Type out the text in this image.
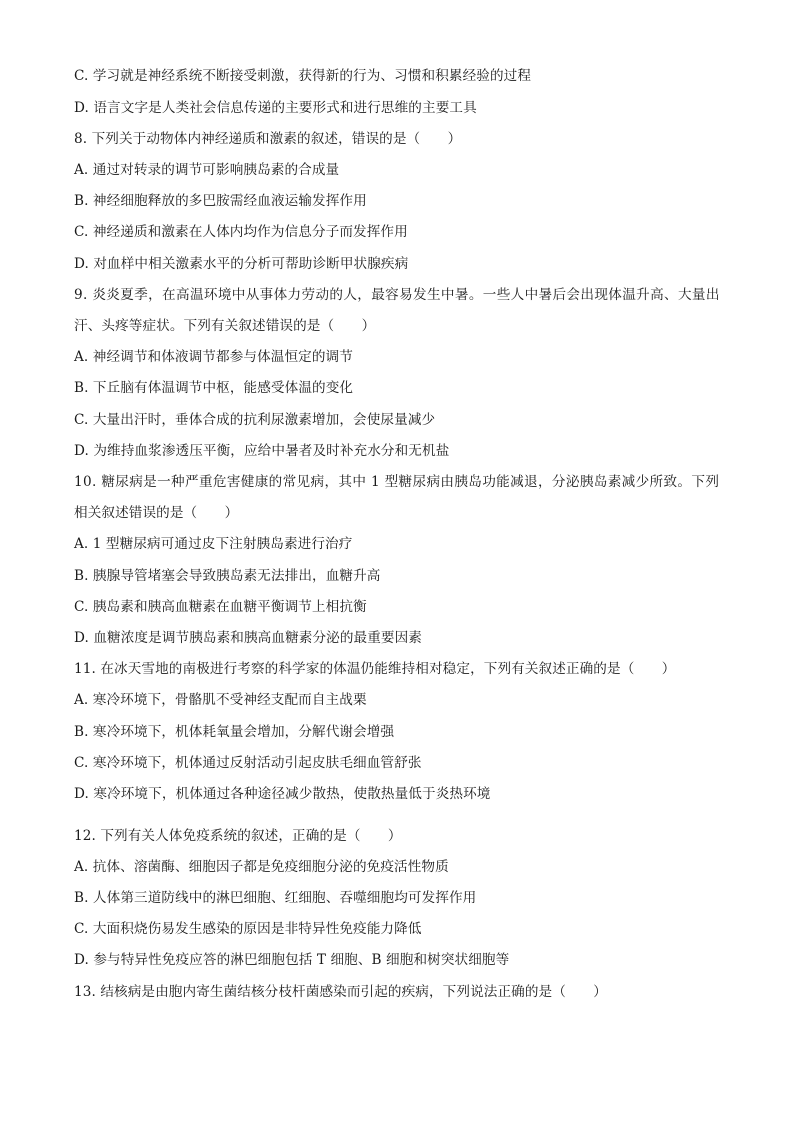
C. 学习就是神经系统不断接受刺激，获得新的行为、习惯和积累经验的过程
D. 语言文字是人类社会信息传递的主要形式和进行思维的主要工具
8. 下列关于动物体内神经递质和激素的叙述，错误的是（　　）
A. 通过对转录的调节可影响胰岛素的合成量
B. 神经细胞释放的多巴胺需经血液运输发挥作用
C. 神经递质和激素在人体内均作为信息分子而发挥作用
D. 对血样中相关激素水平的分析可帮助诊断甲状腺疾病
9. 炎炎夏季，在高温环境中从事体力劳动的人，最容易发生中暑。一些人中暑后会出现体温升高、大量出
汗、头疼等症状。下列有关叙述错误的是（　　）
A. 神经调节和体液调节都参与体温恒定的调节
B. 下丘脑有体温调节中枢，能感受体温的变化
C. 大量出汗时，垂体合成的抗利尿激素增加，会使尿量减少
D. 为维持血浆渗透压平衡，应给中暑者及时补充水分和无机盐
10. 糖尿病是一种严重危害健康的常见病，其中 1 型糖尿病由胰岛功能减退，分泌胰岛素减少所致。下列
相关叙述错误的是（　　）
A. 1 型糖尿病可通过皮下注射胰岛素进行治疗
B. 胰腺导管堵塞会导致胰岛素无法排出，血糖升高
C. 胰岛素和胰高血糖素在血糖平衡调节上相抗衡
D. 血糖浓度是调节胰岛素和胰高血糖素分泌的最重要因素
11. 在冰天雪地的南极进行考察的科学家的体温仍能维持相对稳定，下列有关叙述正确的是（　　）
A. 寒冷环境下，骨骼肌不受神经支配而自主战栗
B. 寒冷环境下，机体耗氧量会增加，分解代谢会增强
C. 寒冷环境下，机体通过反射活动引起皮肤毛细血管舒张
D. 寒冷环境下，机体通过各种途径减少散热，使散热量低于炎热环境
12. 下列有关人体免疫系统的叙述，正确的是（　　）
A. 抗体、溶菌酶、细胞因子都是免疫细胞分泌的免疫活性物质
B. 人体第三道防线中的淋巴细胞、红细胞、吞噬细胞均可发挥作用
C. 大面积烧伤易发生感染的原因是非特异性免疫能力降低
D. 参与特异性免疫应答的淋巴细胞包括 T 细胞、B 细胞和树突状细胞等
13. 结核病是由胞内寄生菌结核分枝杆菌感染而引起的疾病，下列说法正确的是（　　）
